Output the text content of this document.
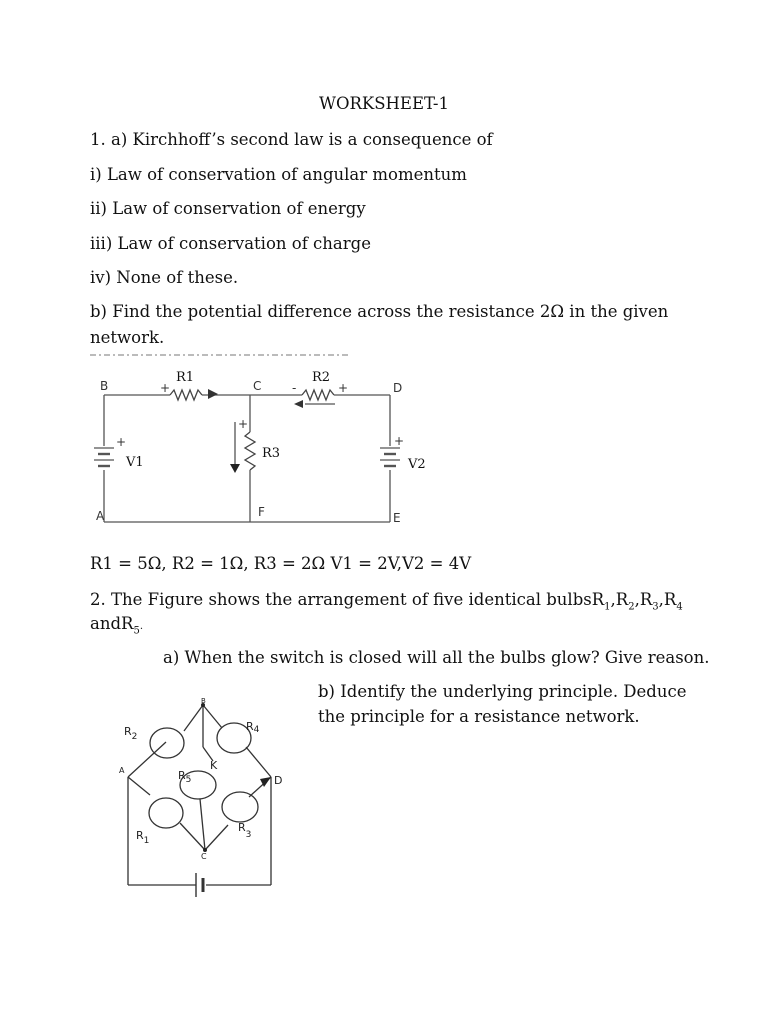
WORKSHEET-1
1. a) Kirchhoff’s second law is a consequence of
i) Law of conservation of angular momentum
ii) Law of conservation of energy
iii) Law of conservation of charge
iv) None of these.
b) Find the potential difference across the resistance 2Ω in the given
network.
B	C	D
A	F	E
R1	R2
R3
V1	V2
+	-	+
+
+	+
R1 = 5Ω, R2 = 1Ω, R3 = 2Ω V1 = 2V,V2 = 4V
2. The Figure shows the arrangement of five identical $bulbsR_1,R_2,R_3,R_4$
andR$_5$.
a) When the switch is closed will all the bulbs glow? Give reason.
b) Identify the underlying principle. Deduce
the principle for a resistance network.
B
A
D
C
K
$R_2$
R4
$R_5$
$R_1$
$R_3$
